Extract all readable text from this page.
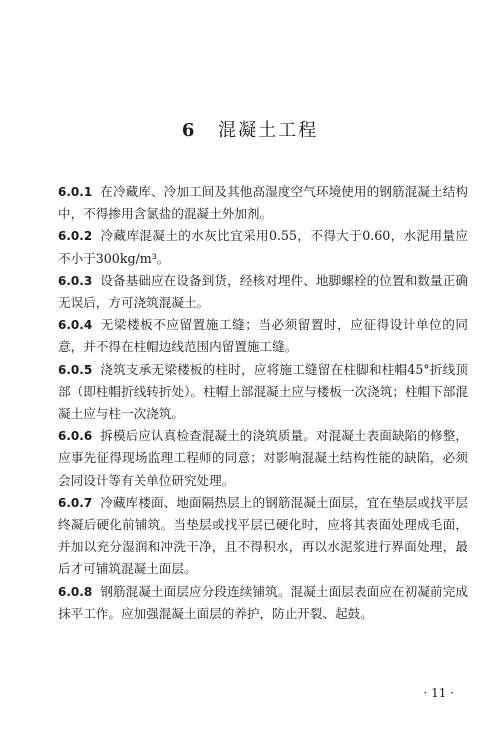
6 混凝土工程

6.0.1 在冷藏库、冷加工间及其他高湿度空气环境使用的钢筋混凝土结构中，不得掺用含氯盐的混凝土外加剂。

6.0.2 冷藏库混凝土的水灰比宜采用0.55，不得大于0.60，水泥用量应不小于300kg/m³。

6.0.3 设备基础应在设备到货，经核对埋件、地脚螺栓的位置和数量正确无误后，方可浇筑混凝土。

6.0.4 无梁楼板不应留置施工缝；当必须留置时，应征得设计单位的同意，并不得在柱帽边线范围内留置施工缝。

6.0.5 浇筑支承无梁楼板的柱时，应将施工缝留在柱脚和柱帽45°折线顶部（即柱帽折线转折处）。柱帽上部混凝土应与楼板一次浇筑；柱帽下部混凝土应与柱一次浇筑。

6.0.6 拆模后应认真检查混凝土的浇筑质量。对混凝土表面缺陷的修整，应事先征得现场监理工程师的同意；对影响混凝土结构性能的缺陷，必须会同设计等有关单位研究处理。

6.0.7 冷藏库楼面、地面隔热层上的钢筋混凝土面层，宜在垫层或找平层终凝后硬化前铺筑。当垫层或找平层已硬化时，应将其表面处理成毛面，并加以充分湿润和冲洗干净，且不得积水，再以水泥浆进行界面处理，最后才可铺筑混凝土面层。

6.0.8 钢筋混凝土面层应分段连续铺筑。混凝土面层表面应在初凝前完成抹平工作。应加强混凝土面层的养护，防止开裂、起鼓。

· 11 ·
